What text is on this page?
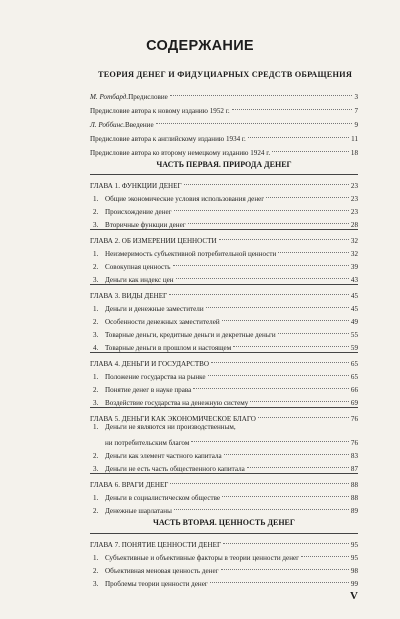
СОДЕРЖАНИЕ
ТЕОРИЯ ДЕНЕГ И ФИДУЦИАРНЫХ СРЕДСТВ ОБРАЩЕНИЯ
М. Ротбард. Предисловие	3
Предисловие автора к новому изданию 1952 г.	7
Л. Роббинс. Введение	9
Предисловие автора к английскому изданию 1934 г.	11
Предисловие автора ко второму немецкому изданию 1924 г.	18
ЧАСТЬ ПЕРВАЯ. ПРИРОДА ДЕНЕГ
ГЛАВА 1. ФУНКЦИИ ДЕНЕГ	23
1. Общие экономические условия использования денег	23
2. Происхождение денег	23
3. Вторичные функции денег	28
ГЛАВА 2. ОБ ИЗМЕРЕНИИ ЦЕННОСТИ	32
1. Неизмеримость субъективной потребительной ценности	32
2. Совокупная ценность	39
3. Деньги как индекс цен	43
ГЛАВА 3. ВИДЫ ДЕНЕГ	45
1. Деньги и денежные заместители	45
2. Особенности денежных заместителей	49
3. Товарные деньги, кредитные деньги и декретные деньги	55
4. Товарные деньги в прошлом и настоящем	59
ГЛАВА 4. ДЕНЬГИ И ГОСУДАРСТВО	65
1. Положение государства на рынке	65
2. Понятие денег в науке права	66
3. Воздействие государства на денежную систему	69
ГЛАВА 5. ДЕНЬГИ КАК ЭКОНОМИЧЕСКОЕ БЛАГО	76
1. Деньги не являются ни производственным,
ни потребительским благом	76
2. Деньги как элемент частного капитала	83
3. Деньги не есть часть общественного капитала	87
ГЛАВА 6. ВРАГИ ДЕНЕГ	88
1. Деньги в социалистическом обществе	88
2. Денежные шарлатаны	89
ЧАСТЬ ВТОРАЯ. ЦЕННОСТЬ ДЕНЕГ
ГЛАВА 7. ПОНЯТИЕ ЦЕННОСТИ ДЕНЕГ	95
1. Субъективные и объективные факторы в теории ценности денег	95
2. Объективная меновая ценность денег	98
3. Проблемы теории ценности денег	99
V
